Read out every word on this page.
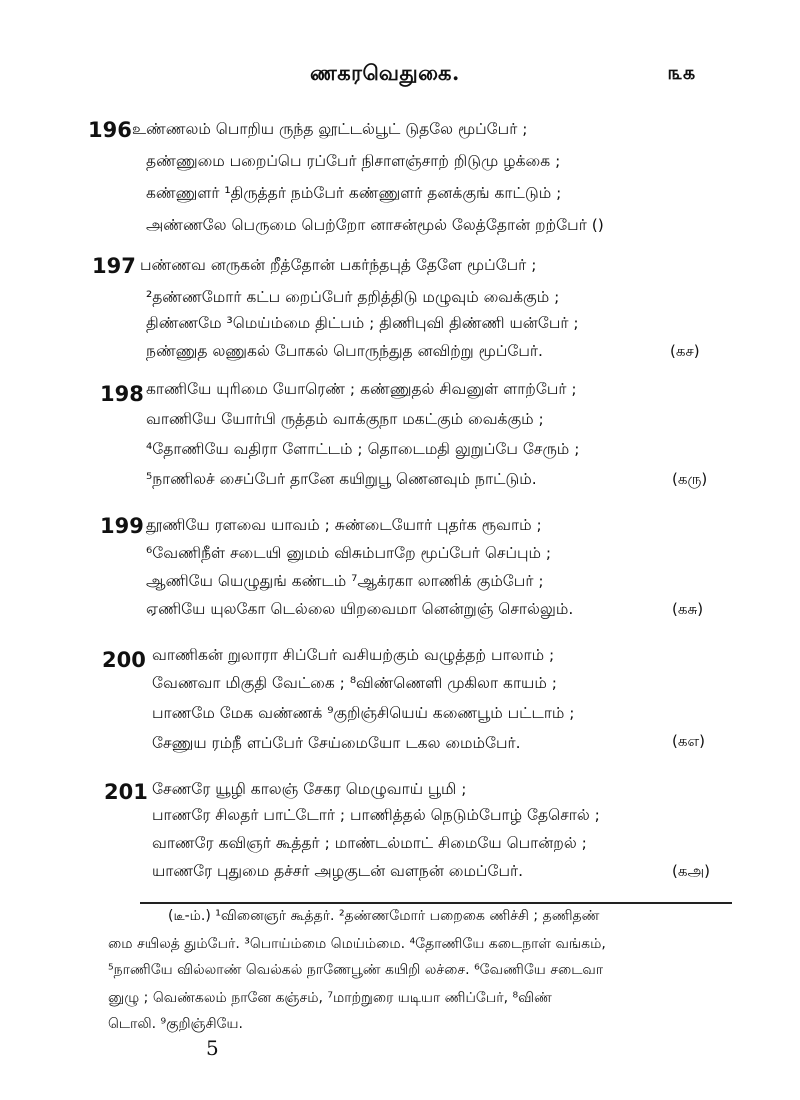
ணகரவெதுகை.	௩௧
196 உண்ணலம் பொறிய ருந்த லூட்டல்பூட் டுதலே மூப்பேர் ;
தண்ணுமை பறைப்பெ ரப்பேர் நிசாளஞ்சாற் றிடுமு ழக்கை ;
கண்ணுளர் ¹திருத்தர் நம்பேர் கண்ணுளர் தனக்குங் காட்டும் ;
அண்ணலே பெருமை பெற்றோ னாசன்மூல் லேத்தோன் றற்பேர் ()
197 பண்ணவ னருகன் றீத்தோன் பகர்ந்தபுத் தேளே மூப்பேர் ;
²தண்ணமோர் கட்ப றைப்பேர் தறித்திடு மழுவும் வைக்கும் ;
திண்ணமே ³மெய்ம்மை திட்பம் ; திணிபுவி திண்ணி யன்பேர் ;
நண்ணுத லணுகல் போகல் பொருந்துத னவிற்று மூப்பேர்.	(கச)
198 காணியே யுரிமை யோரெண் ; கண்ணுதல் சிவனுள் ளாற்பேர் ;
வாணியே யோர்பி ருத்தம் வாக்குநா மகட்கும் வைக்கும் ;
⁴தோணியே வதிரா ளோட்டம் ; தொடைமதி லுறுப்பே சேரும் ;
⁵நாணிலச் சைப்பேர் தானே கயிறுபூ ணெனவும் நாட்டும்.	(கரு)
199 தூணியே ரளவை யாவம் ; சுண்டையோர் புதர்க ரூவாம் ;
⁶வேணிநீள் சடையி னுமம் விசும்பாறே மூப்பேர் செப்பும் ;
ஆணியே யெழுதுங் கண்டம் ⁷ஆக்ரகா லாணிக் கும்பேர் ;
ஏணியே யுலகோ டெல்லை யிறவைமா னென்றுஞ் சொல்லும்.	(கசு)
200 வாணிகன் றுலாரா சிப்பேர் வசியற்கும் வழுத்தற் பாலாம் ;
வேணவா மிகுதி வேட்கை ; ⁸விண்ணெளி முகிலா காயம் ;
பாணமே மேக வண்ணக் ⁹குறிஞ்சியெய் கணைபூம் பட்டாம் ;
சேணுய ரம்நீ ளப்பேர் சேய்மையோ டகல மைம்பேர்.	(கஎ)
201 சேணரே யூழி காலஞ் சேகர மெழுவாய் பூமி ;
பாணரே சிலதர் பாட்டோர் ; பாணித்தல் நெடும்போழ் தேசொல் ;
வாணரே கவிஞர் கூத்தர் ; மாண்டல்மாட் சிமையே பொன்றல் ;
யாணரே புதுமை தச்சர் அழகுடன் வளநன் மைப்பேர்.	(கஅ)
(டீ-ம்.) ¹வினைஞர் கூத்தர். ²தண்ணமோர் பறைகை ணிச்சி ; தணிதண்
மை சயிலத் தும்பேர். ³பொய்ம்மை மெய்ம்மை. ⁴தோணியே கடைநாள் வங்கம்,
⁵நாணியே வில்லாண் வெல்கல் நாணேபூண் கயிறி லச்சை. ⁶வேணியே சடைவா
னுழு ; வெண்கலம் நானே கஞ்சம், ⁷மாற்றுரை யடியா ணிப்பேர், ⁸விண்
டொலி. ⁹குறிஞ்சியே.
5
